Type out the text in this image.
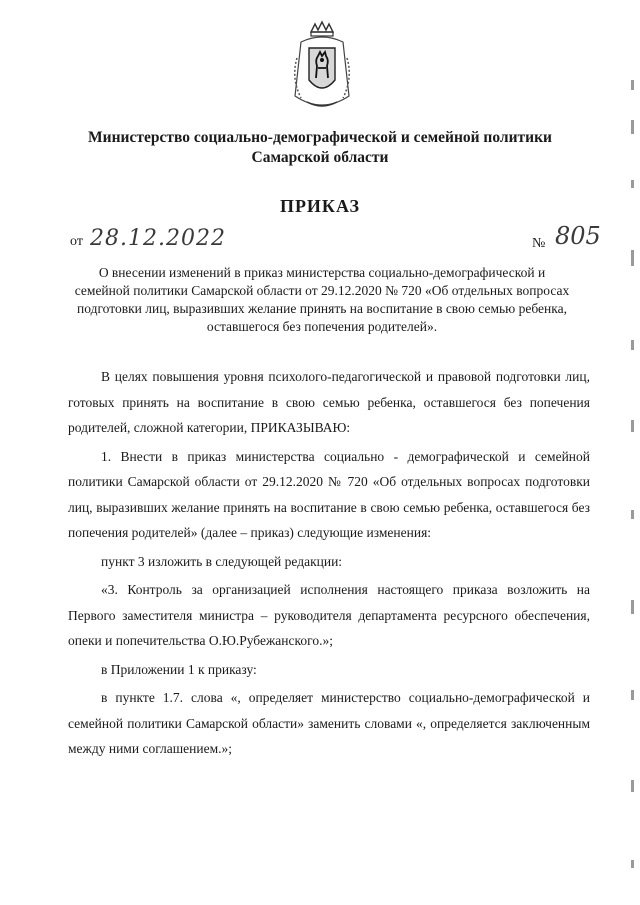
Министерство социально-демографической и семейной политики
Самарской области
ПРИКАЗ
от 28.12.2022	№ 805
О внесении изменений в приказ министерства социально-демографической и семейной политики Самарской области от 29.12.2020 № 720 «Об отдельных вопросах подготовки лиц, выразивших желание принять на воспитание в свою семью ребенка, оставшегося без попечения родителей».

В целях повышения уровня психолого-педагогической и правовой подготовки лиц, готовых принять на воспитание в свою семью ребенка, оставшегося без попечения родителей, сложной категории, ПРИКАЗЫВАЮ:

1. Внести в приказ министерства социально - демографической и семейной политики Самарской области от 29.12.2020 № 720 «Об отдельных вопросах подготовки лиц, выразивших желание принять на воспитание в свою семью ребенка, оставшегося без попечения родителей» (далее – приказ) следующие изменения:

пункт 3 изложить в следующей редакции:

«3. Контроль за организацией исполнения настоящего приказа возложить на Первого заместителя министра – руководителя департамента ресурсного обеспечения, опеки и попечительства О.Ю.Рубежанского.»;

в Приложении 1 к приказу:

в пункте 1.7. слова «, определяет министерство социально-демографической и семейной политики Самарской области» заменить словами «, определяется заключенным между ними соглашением.»;
